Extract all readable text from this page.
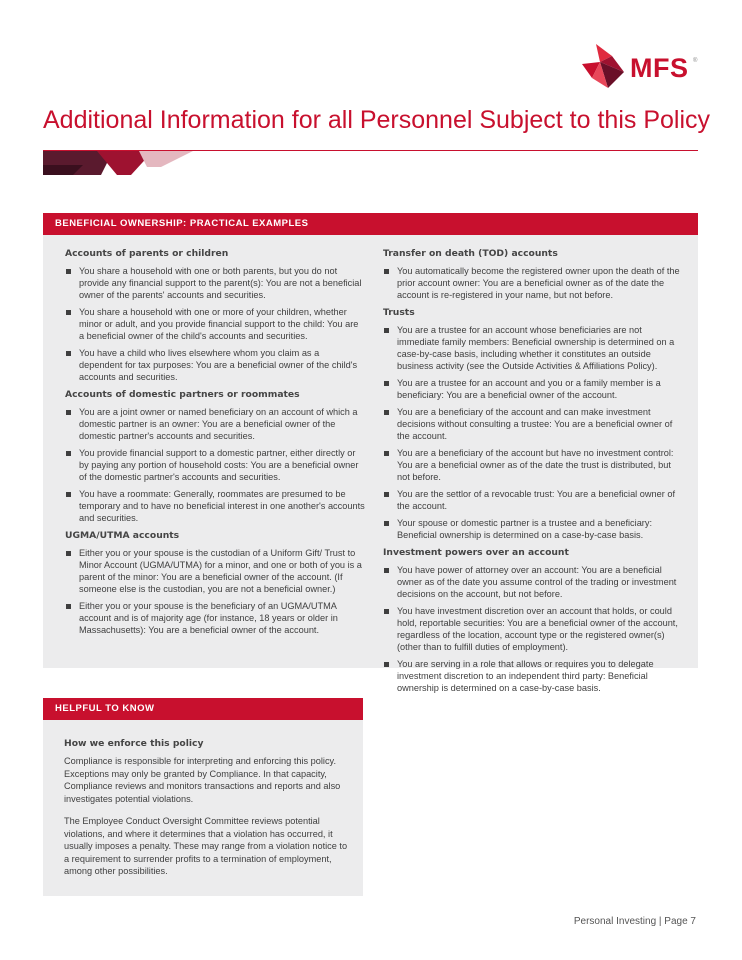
MFS ®
Additional Information for all Personnel Subject to this Policy
BENEFICIAL OWNERSHIP: PRACTICAL EXAMPLES
Accounts of parents or children
You share a household with one or both parents, but you do not provide any financial support to the parent(s): You are not a beneficial owner of the parents' accounts and securities.
You share a household with one or more of your children, whether minor or adult, and you provide financial support to the child: You are a beneficial owner of the child's accounts and securities.
You have a child who lives elsewhere whom you claim as a dependent for tax purposes: You are a beneficial owner of the child's accounts and securities.
Accounts of domestic partners or roommates
You are a joint owner or named beneficiary on an account of which a domestic partner is an owner: You are a beneficial owner of the domestic partner's accounts and securities.
You provide financial support to a domestic partner, either directly or by paying any portion of household costs: You are a beneficial owner of the domestic partner's accounts and securities.
You have a roommate: Generally, roommates are presumed to be temporary and to have no beneficial interest in one another's accounts and securities.
UGMA/UTMA accounts
Either you or your spouse is the custodian of a Uniform Gift/ Trust to Minor Account (UGMA/UTMA) for a minor, and one or both of you is a parent of the minor: You are a beneficial owner of the account. (If someone else is the custodian, you are not a beneficial owner.)
Either you or your spouse is the beneficiary of an UGMA/UTMA account and is of majority age (for instance, 18 years or older in Massachusetts): You are a beneficial owner of the account.
Transfer on death (TOD) accounts
You automatically become the registered owner upon the death of the prior account owner: You are a beneficial owner as of the date the account is re-registered in your name, but not before.
Trusts
You are a trustee for an account whose beneficiaries are not immediate family members: Beneficial ownership is determined on a case-by-case basis, including whether it constitutes an outside business activity (see the Outside Activities & Affiliations Policy).
You are a trustee for an account and you or a family member is a beneficiary: You are a beneficial owner of the account.
You are a beneficiary of the account and can make investment decisions without consulting a trustee: You are a beneficial owner of the account.
You are a beneficiary of the account but have no investment control: You are a beneficial owner as of the date the trust is distributed, but not before.
You are the settlor of a revocable trust: You are a beneficial owner of the account.
Your spouse or domestic partner is a trustee and a beneficiary: Beneficial ownership is determined on a case-by-case basis.
Investment powers over an account
You have power of attorney over an account: You are a beneficial owner as of the date you assume control of the trading or investment decisions on the account, but not before.
You have investment discretion over an account that holds, or could hold, reportable securities: You are a beneficial owner of the account, regardless of the location, account type or the registered owner(s) (other than to fulfill duties of employment).
You are serving in a role that allows or requires you to delegate investment discretion to an independent third party: Beneficial ownership is determined on a case-by-case basis.
HELPFUL TO KNOW
How we enforce this policy

Compliance is responsible for interpreting and enforcing this policy. Exceptions may only be granted by Compliance. In that capacity, Compliance reviews and monitors transactions and reports and also investigates potential violations.

The Employee Conduct Oversight Committee reviews potential violations, and where it determines that a violation has occurred, it usually imposes a penalty. These may range from a violation notice to a requirement to surrender profits to a termination of employment, among other possibilities.

Personal Investing | Page 7
